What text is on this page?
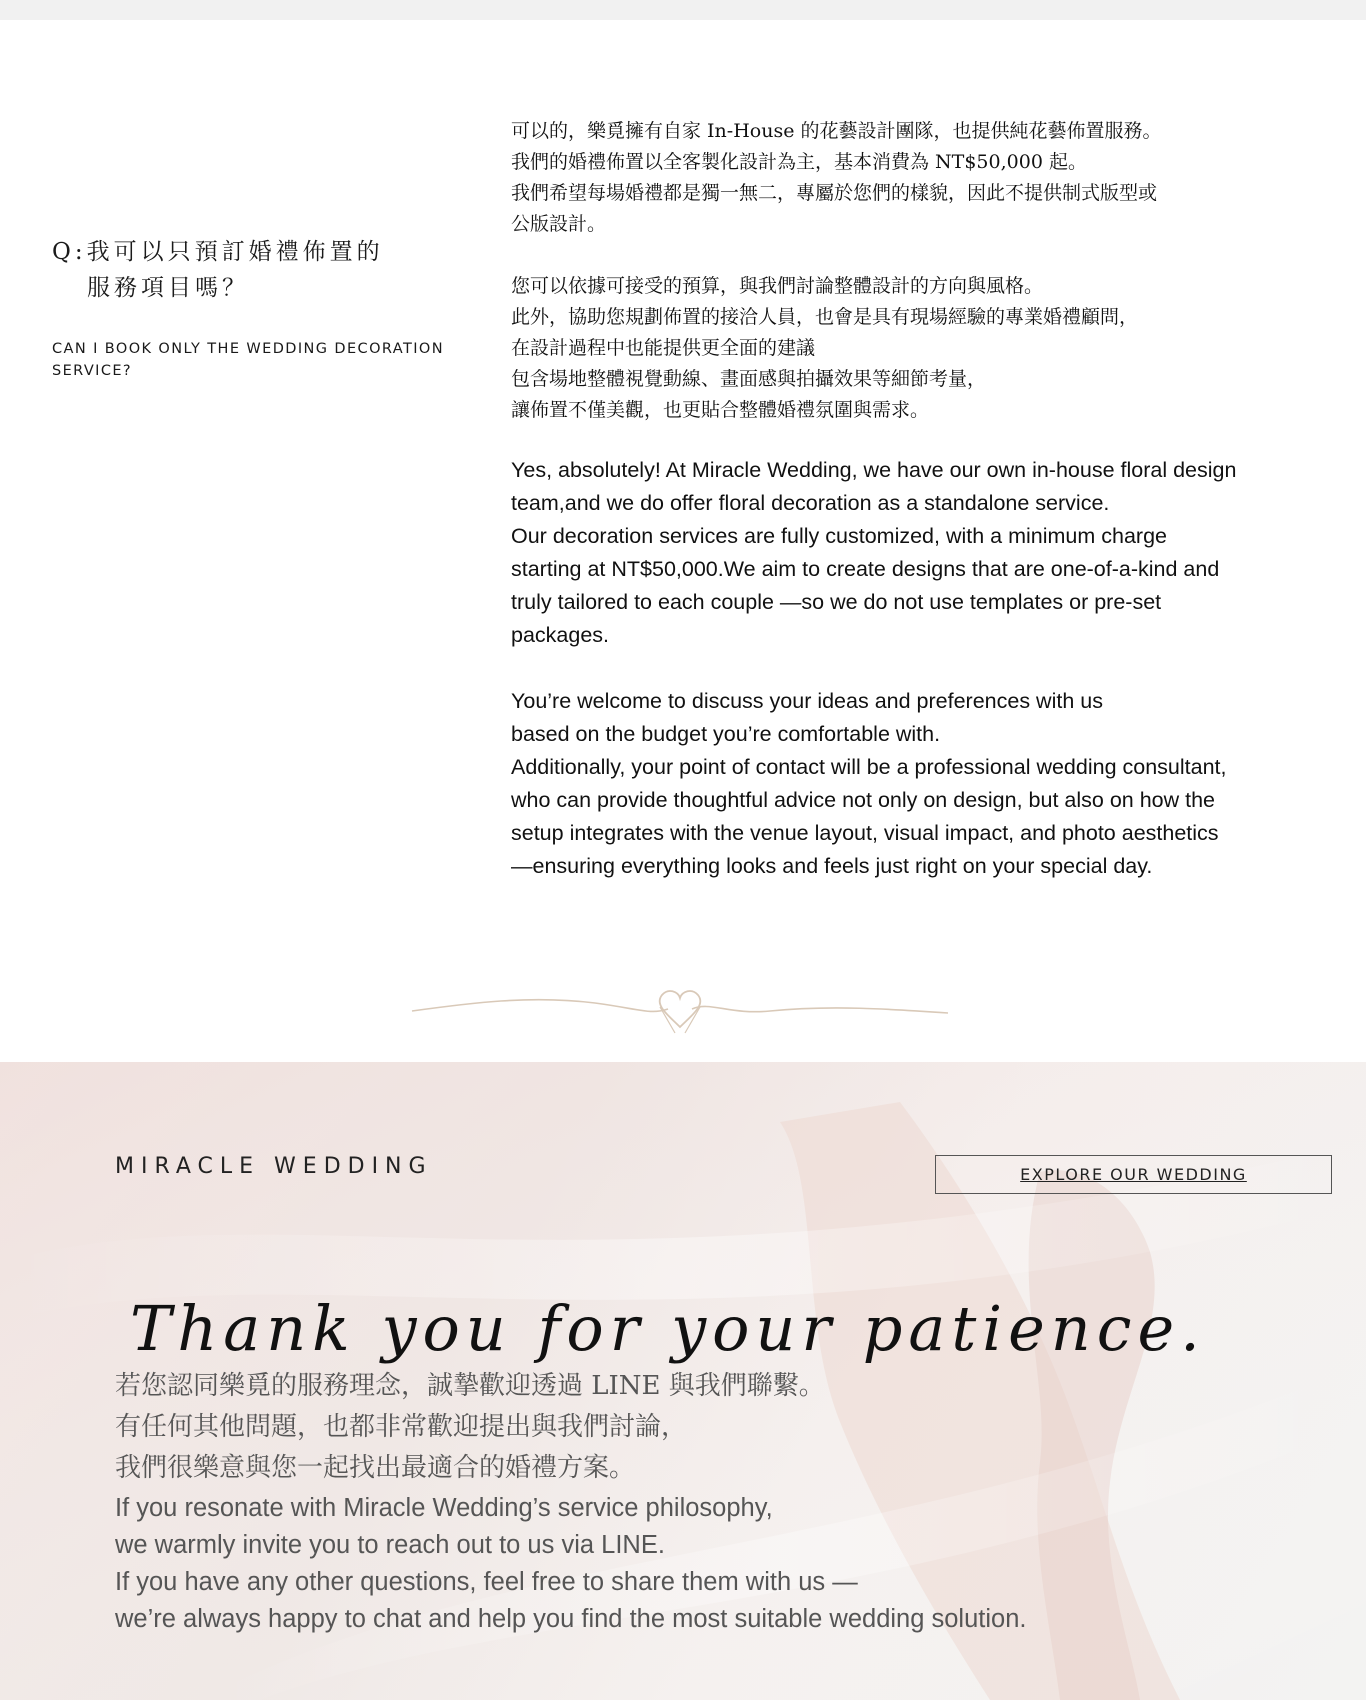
Q:我可以只預訂婚禮佈置的
服務項目嗎？
CAN I BOOK ONLY THE WEDDING DECORATION SERVICE?

可以的，樂覓擁有自家 In-House 的花藝設計團隊，也提供純花藝佈置服務。
我們的婚禮佈置以全客製化設計為主，基本消費為 NT$50,000 起。
我們希望每場婚禮都是獨一無二，專屬於您們的樣貌，因此不提供制式版型或
公版設計。

您可以依據可接受的預算，與我們討論整體設計的方向與風格。
此外，協助您規劃佈置的接洽人員，也會是具有現場經驗的專業婚禮顧問，
在設計過程中也能提供更全面的建議
包含場地整體視覺動線、畫面感與拍攝效果等細節考量，
讓佈置不僅美觀，也更貼合整體婚禮氛圍與需求。

Yes, absolutely! At Miracle Wedding, we have our own in-house floral design
team,and we do offer floral decoration as a standalone service.
Our decoration services are fully customized, with a minimum charge
starting at NT$50,000.We aim to create designs that are one-of-a-kind and
truly tailored to each couple —so we do not use templates or pre-set
packages.

You’re welcome to discuss your ideas and preferences with us
based on the budget you’re comfortable with.
Additionally, your point of contact will be a professional wedding consultant,
who can provide thoughtful advice not only on design, but also on how the
setup integrates with the venue layout, visual impact, and photo aesthetics
—ensuring everything looks and feels just right on your special day.

MIRACLE WEDDING	EXPLORE OUR WEDDING
Thank you for your patience.

若您認同樂覓的服務理念，誠摯歡迎透過 LINE 與我們聯繫。
有任何其他問題，也都非常歡迎提出與我們討論，
我們很樂意與您一起找出最適合的婚禮方案。

If you resonate with Miracle Wedding’s service philosophy,
we warmly invite you to reach out to us via LINE.
If you have any other questions, feel free to share them with us —
we’re always happy to chat and help you find the most suitable wedding solution.
